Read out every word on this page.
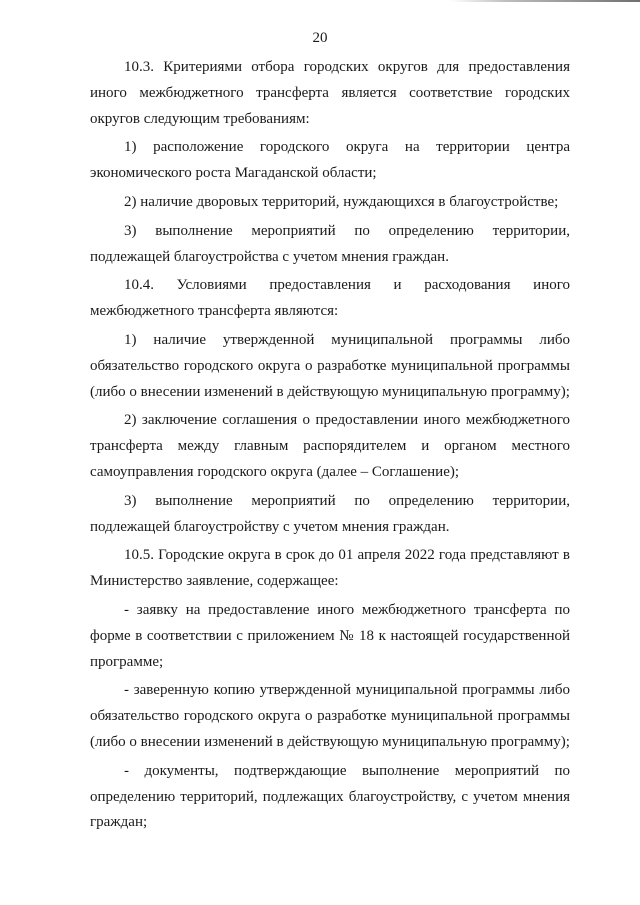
20

10.3. Критериями отбора городских округов для предоставления иного межбюджетного трансферта является соответствие городских округов следующим требованиям:

1) расположение городского округа на территории центра экономического роста Магаданской области;

2) наличие дворовых территорий, нуждающихся в благоустройстве;

3) выполнение мероприятий по определению территории, подлежащей благоустройства с учетом мнения граждан.

10.4. Условиями предоставления и расходования иного межбюджетного трансферта являются:

1) наличие утвержденной муниципальной программы либо обязательство городского округа о разработке муниципальной программы (либо о внесении изменений в действующую муниципальную программу);

2) заключение соглашения о предоставлении иного межбюджетного трансферта между главным распорядителем и органом местного самоуправления городского округа (далее – Соглашение);

3) выполнение мероприятий по определению территории, подлежащей благоустройству с учетом мнения граждан.

10.5. Городские округа в срок до 01 апреля 2022 года представляют в Министерство заявление, содержащее:

- заявку на предоставление иного межбюджетного трансферта по форме в соответствии с приложением № 18 к настоящей государственной программе;

- заверенную копию утвержденной муниципальной программы либо обязательство городского округа о разработке муниципальной программы (либо о внесении изменений в действующую муниципальную программу);

- документы, подтверждающие выполнение мероприятий по определению территорий, подлежащих благоустройству, с учетом мнения граждан;
